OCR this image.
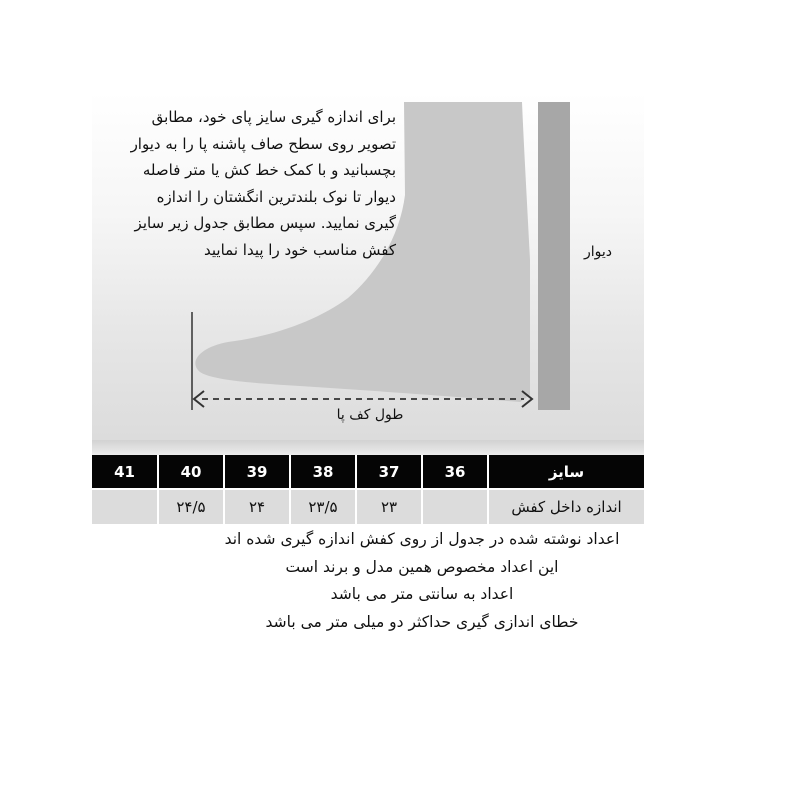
برای اندازه گیری سایز پای خود، مطابق
تصویر روی سطح صاف پاشنه پا را به دیوار
بچسبانید و با کمک خط کش یا متر فاصله
دیوار تا نوک بلندترین انگشتان را اندازه
گیری نمایید. سپس مطابق جدول زیر سایز
کفش مناسب خود را پیدا نمایید	دیوار
طول کف پا
41	40	39	38	37	36	سایز
	۲۴/۵	۲۴	۲۳/۵	۲۳		اندازه داخل کفش
اعداد نوشته شده در جدول از روی کفش اندازه گیری شده اند
این اعداد مخصوص همین مدل و برند است
اعداد به سانتی متر می باشد
خطای اندازی گیری حداکثر دو میلی متر می باشد
